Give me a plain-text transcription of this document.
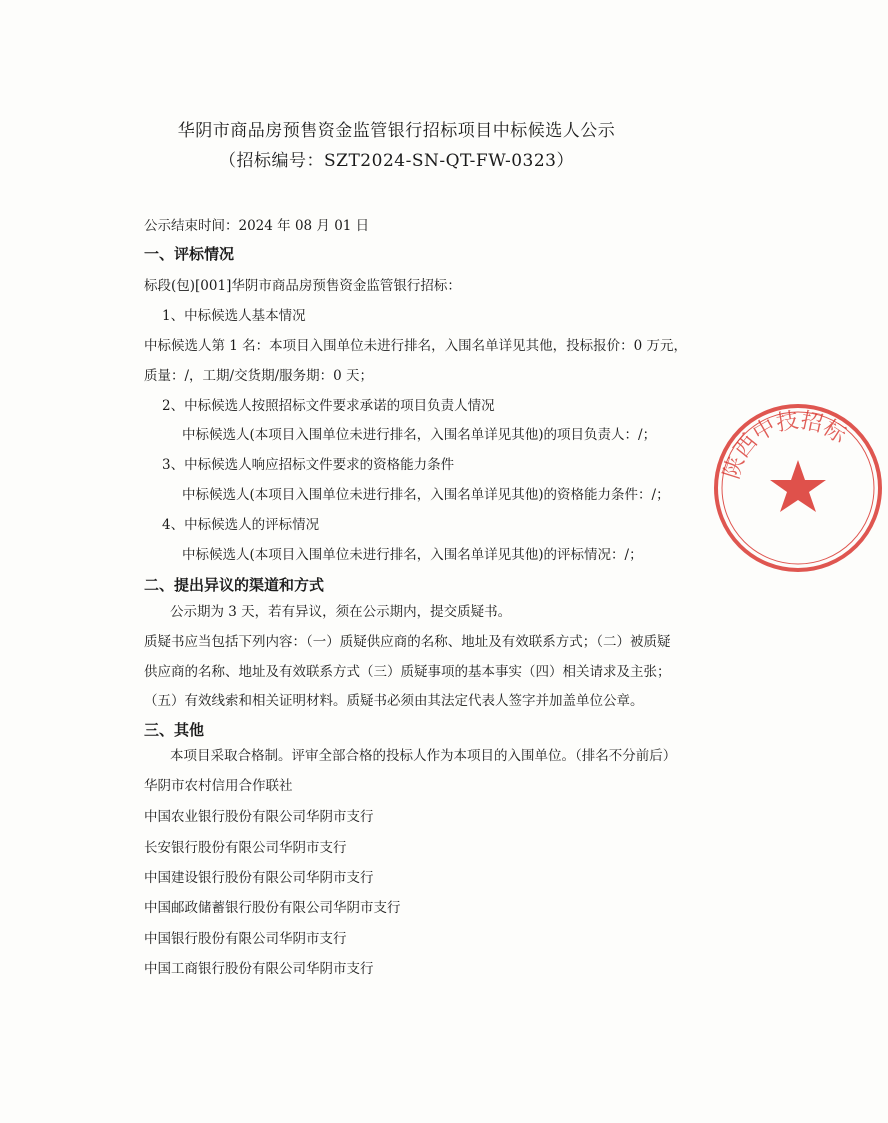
华阴市商品房预售资金监管银行招标项目中标候选人公示
（招标编号：SZT2024-SN-QT-FW-0323）
公示结束时间：2024 年 08 月 01 日
一、评标情况
标段(包)[001]华阴市商品房预售资金监管银行招标：
1、中标候选人基本情况
中标候选人第 1 名：本项目入围单位未进行排名，入围名单详见其他，投标报价：0 万元，
质量：/，工期/交货期/服务期：0 天；
2、中标候选人按照招标文件要求承诺的项目负责人情况
中标候选人(本项目入围单位未进行排名，入围名单详见其他)的项目负责人：/；
3、中标候选人响应招标文件要求的资格能力条件
中标候选人(本项目入围单位未进行排名，入围名单详见其他)的资格能力条件：/；
4、中标候选人的评标情况
中标候选人(本项目入围单位未进行排名，入围名单详见其他)的评标情况：/；
二、提出异议的渠道和方式
公示期为 3 天，若有异议，须在公示期内，提交质疑书。
质疑书应当包括下列内容：（一）质疑供应商的名称、地址及有效联系方式；（二）被质疑
供应商的名称、地址及有效联系方式（三）质疑事项的基本事实（四）相关请求及主张；
（五）有效线索和相关证明材料。质疑书必须由其法定代表人签字并加盖单位公章。
三、其他
本项目采取合格制。评审全部合格的投标人作为本项目的入围单位。（排名不分前后）
华阴市农村信用合作联社
中国农业银行股份有限公司华阴市支行
长安银行股份有限公司华阴市支行
中国建设银行股份有限公司华阴市支行
中国邮政储蓄银行股份有限公司华阴市支行
中国银行股份有限公司华阴市支行
中国工商银行股份有限公司华阴市支行
陕西中技招标
